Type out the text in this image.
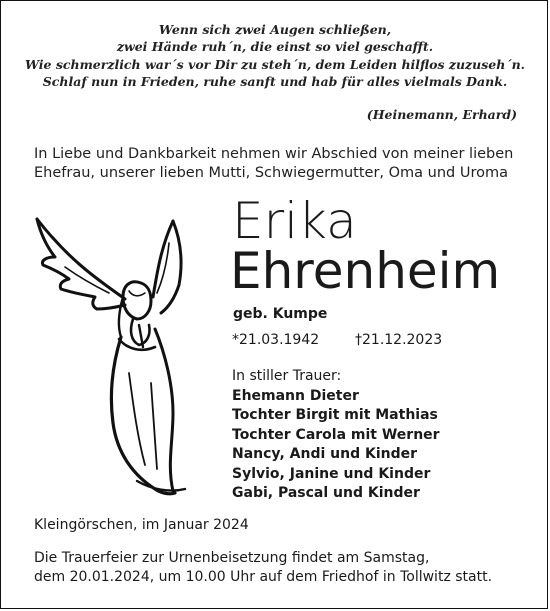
Wenn sich zwei Augen schließen,
zwei Hände ruh´n, die einst so viel geschafft.
Wie schmerzlich war´s vor Dir zu steh´n, dem Leiden hilflos zuzuseh´n.
Schlaf nun in Frieden, ruhe sanft und hab für alles vielmals Dank.
(Heinemann, Erhard)
In Liebe und Dankbarkeit nehmen wir Abschied von meiner lieben
Ehefrau, unserer lieben Mutti, Schwiegermutter, Oma und Uroma
Erika
Ehrenheim
geb. Kumpe
*21.03.1942	†21.12.2023
In stiller Trauer:
Ehemann Dieter
Tochter Birgit mit Mathias
Tochter Carola mit Werner
Nancy, Andi und Kinder
Sylvio, Janine und Kinder
Gabi, Pascal und Kinder
Kleingörschen, im Januar 2024
Die Trauerfeier zur Urnenbeisetzung findet am Samstag,
dem 20.01.2024, um 10.00 Uhr auf dem Friedhof in Tollwitz statt.
